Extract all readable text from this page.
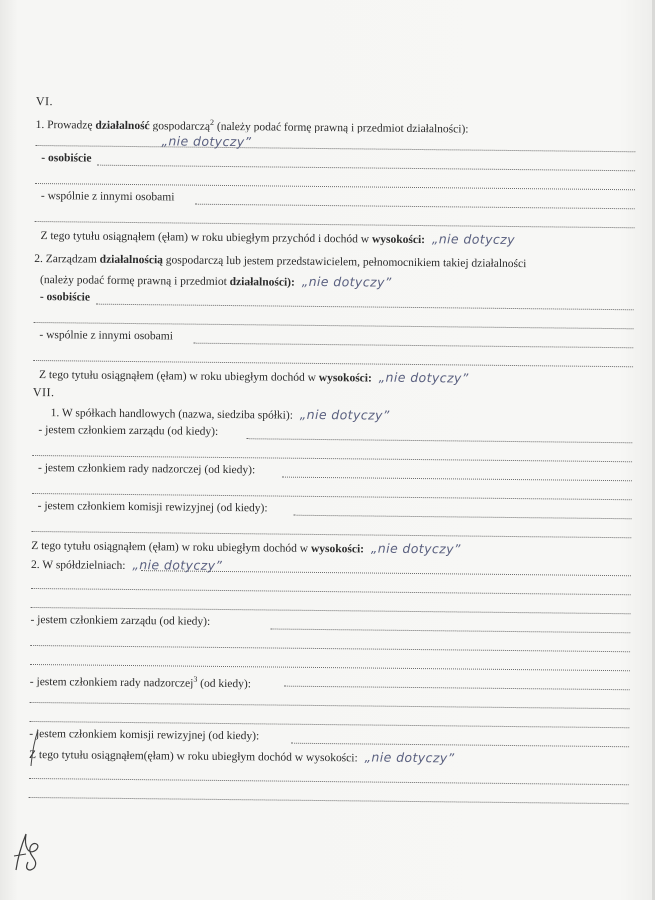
VI.
1. Prowadzę działalność gospodarczą$^2$ (należy podać formę prawną i przedmiot działalności):
„nie dotyczy”
- osobiście
- wspólnie z innymi osobami
Z tego tytułu osiągnąłem (ęłam) w roku ubiegłym przychód i dochód w wysokości: „nie dotyczy
2. Zarządzam działalnością gospodarczą lub jestem przedstawicielem, pełnomocnikiem takiej działalności
(należy podać formę prawną i przedmiot działalności): „nie dotyczy”
- osobiście
- wspólnie z innymi osobami
Z tego tytułu osiągnąłem (ęłam) w roku ubiegłym dochód w wysokości: „nie dotyczy”
VII.
1. W spółkach handlowych (nazwa, siedziba spółki): „nie dotyczy”
- jestem członkiem zarządu (od kiedy):
- jestem członkiem rady nadzorczej (od kiedy):
- jestem członkiem komisji rewizyjnej (od kiedy):
Z tego tytułu osiągnąłem (ęłam) w roku ubiegłym dochód w wysokości: „nie dotyczy”
2. W spółdzielniach: „nie dotyczy”
- jestem członkiem zarządu (od kiedy):
- jestem członkiem rady nadzorczej$^3$ (od kiedy):
- jestem członkiem komisji rewizyjnej (od kiedy):
Z tego tytułu osiągnąłem(ęłam) w roku ubiegłym dochód w wysokości: „nie dotyczy”
